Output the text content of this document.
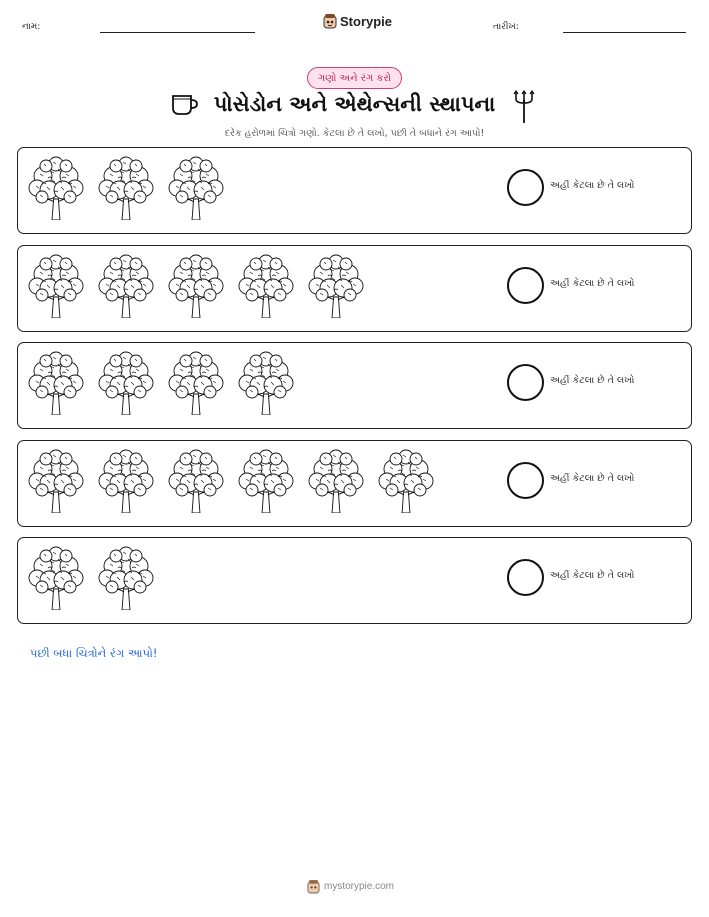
નામ:	Storypie	તારીખ:
ગણો અને રંગ કરો
પોસેડોન અને એથેન્સની સ્થાપના
દરેક હરોળમાં ચિત્રો ગણો. કેટલા છે તે લખો, પછી તે બધાને રંગ આપો!
અહીં કેટલા છે તે લખો
અહીં કેટલા છે તે લખો
અહીં કેટલા છે તે લખો
અહીં કેટલા છે તે લખો
અહીં કેટલા છે તે લખો
પછી બધા ચિત્રોને રંગ આપો!
mystorypie.com
